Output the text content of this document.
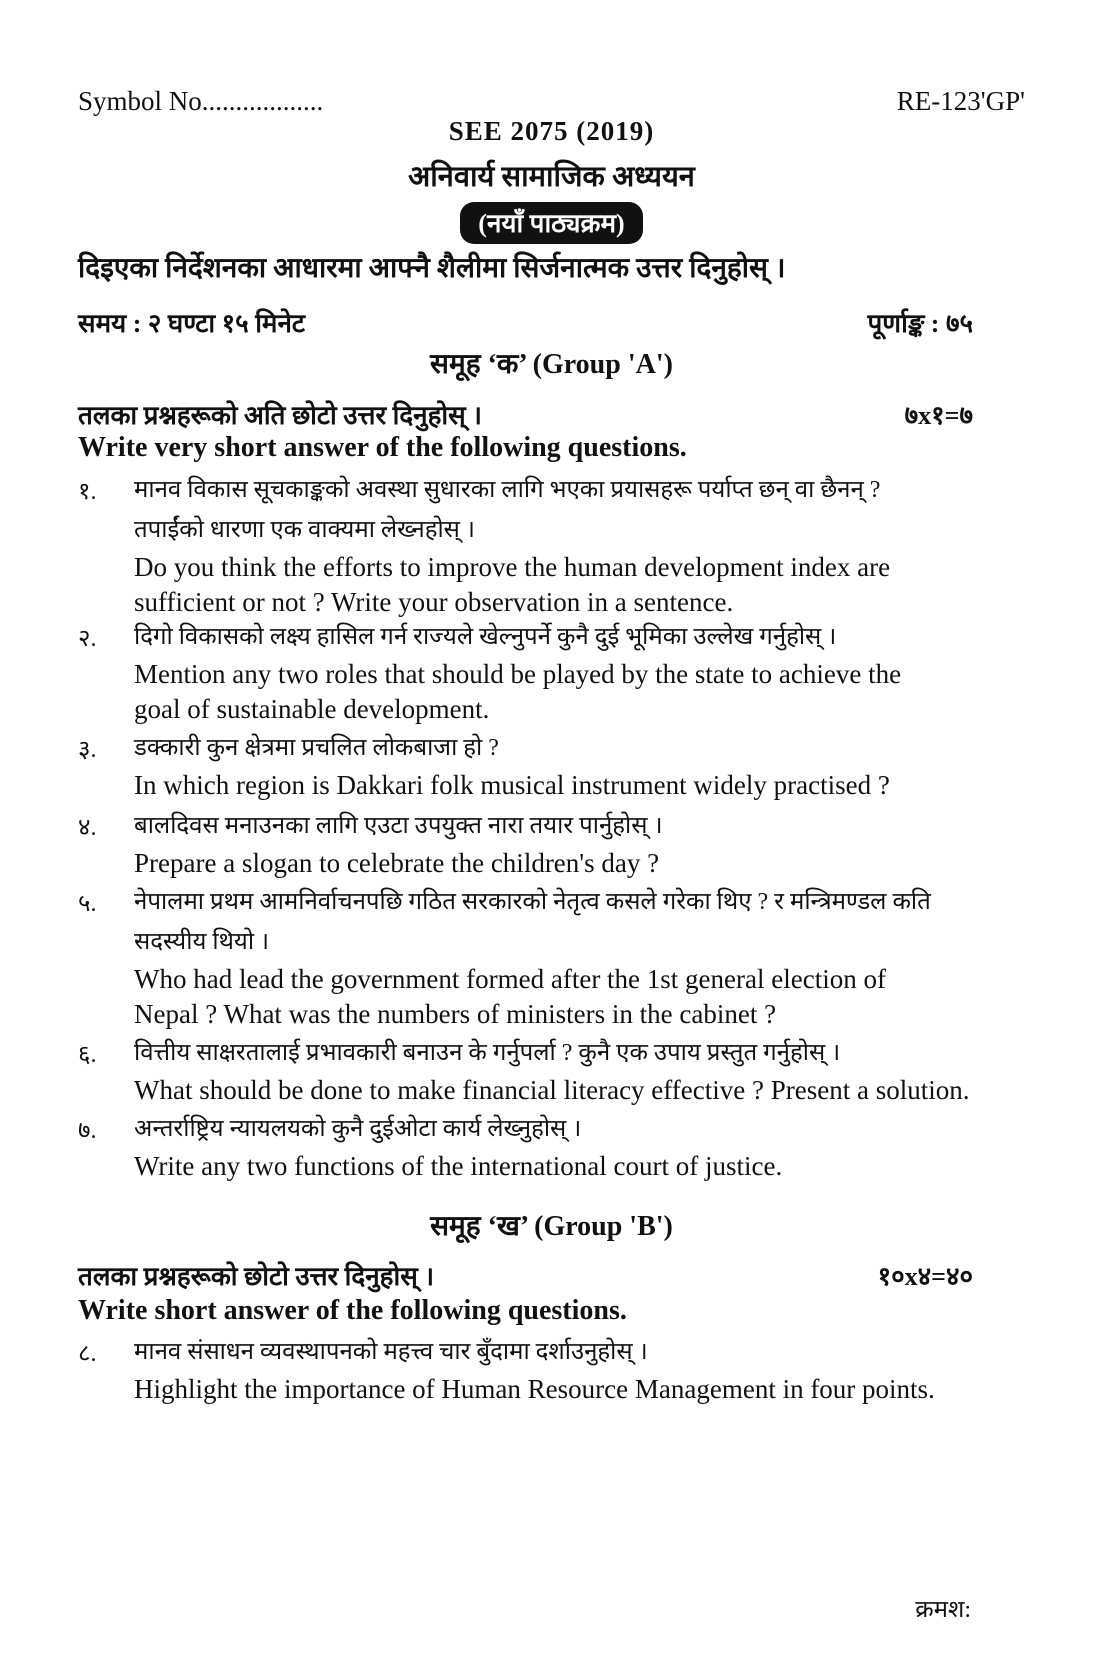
Symbol No..................	RE-123'GP'
SEE 2075 (2019)
अनिवार्य सामाजिक अध्ययन
(नयाँ पाठ्यक्रम)
दिइएका निर्देशनका आधारमा आफ्नै शैलीमा सिर्जनात्मक उत्तर दिनुहोस् ।
समय : २ घण्टा १५ मिनेट	पूर्णाङ्क : ७५
समूह ‘क’ (Group 'A')
तलका प्रश्नहरूको अति छोटो उत्तर दिनुहोस् ।	७x१=७
Write very short answer of the following questions.
१.	मानव विकास सूचकाङ्कको अवस्था सुधारका लागि भएका प्रयासहरू पर्याप्त छन् वा छैनन् ?
तपाईंको धारणा एक वाक्यमा लेख्नहोस् ।
Do you think the efforts to improve the human development index are
sufficient or not ? Write your observation in a sentence.
२.	दिगो विकासको लक्ष्य हासिल गर्न राज्यले खेल्नुपर्ने कुनै दुई भूमिका उल्लेख गर्नुहोस् ।
Mention any two roles that should be played by the state to achieve the
goal of sustainable development.
३.	डक्कारी कुन क्षेत्रमा प्रचलित लोकबाजा हो ?
In which region is Dakkari folk musical instrument widely practised ?
४.	बालदिवस मनाउनका लागि एउटा उपयुक्त नारा तयार पार्नुहोस् ।
Prepare a slogan to celebrate the children's day ?
५.	नेपालमा प्रथम आमनिर्वाचनपछि गठित सरकारको नेतृत्व कसले गरेका थिए ? र मन्त्रिमण्डल कति
सदस्यीय थियो ।
Who had lead the government formed after the 1st general election of
Nepal ? What was the numbers of ministers in the cabinet ?
६.	वित्तीय साक्षरतालाई प्रभावकारी बनाउन के गर्नुपर्ला ? कुनै एक उपाय प्रस्तुत गर्नुहोस् ।
What should be done to make financial literacy effective ? Present a solution.
७.	अन्तर्राष्ट्रिय न्यायलयको कुनै दुईओटा कार्य लेख्नुहोस् ।
Write any two functions of the international court of justice.
समूह ‘ख’ (Group 'B')
तलका प्रश्नहरूको छोटो उत्तर दिनुहोस् ।	१०x४=४०
Write short answer of the following questions.
८.	मानव संसाधन व्यवस्थापनको महत्त्व चार बुँदामा दर्शाउनुहोस् ।
Highlight the importance of Human Resource Management in four points.
क्रमश:
